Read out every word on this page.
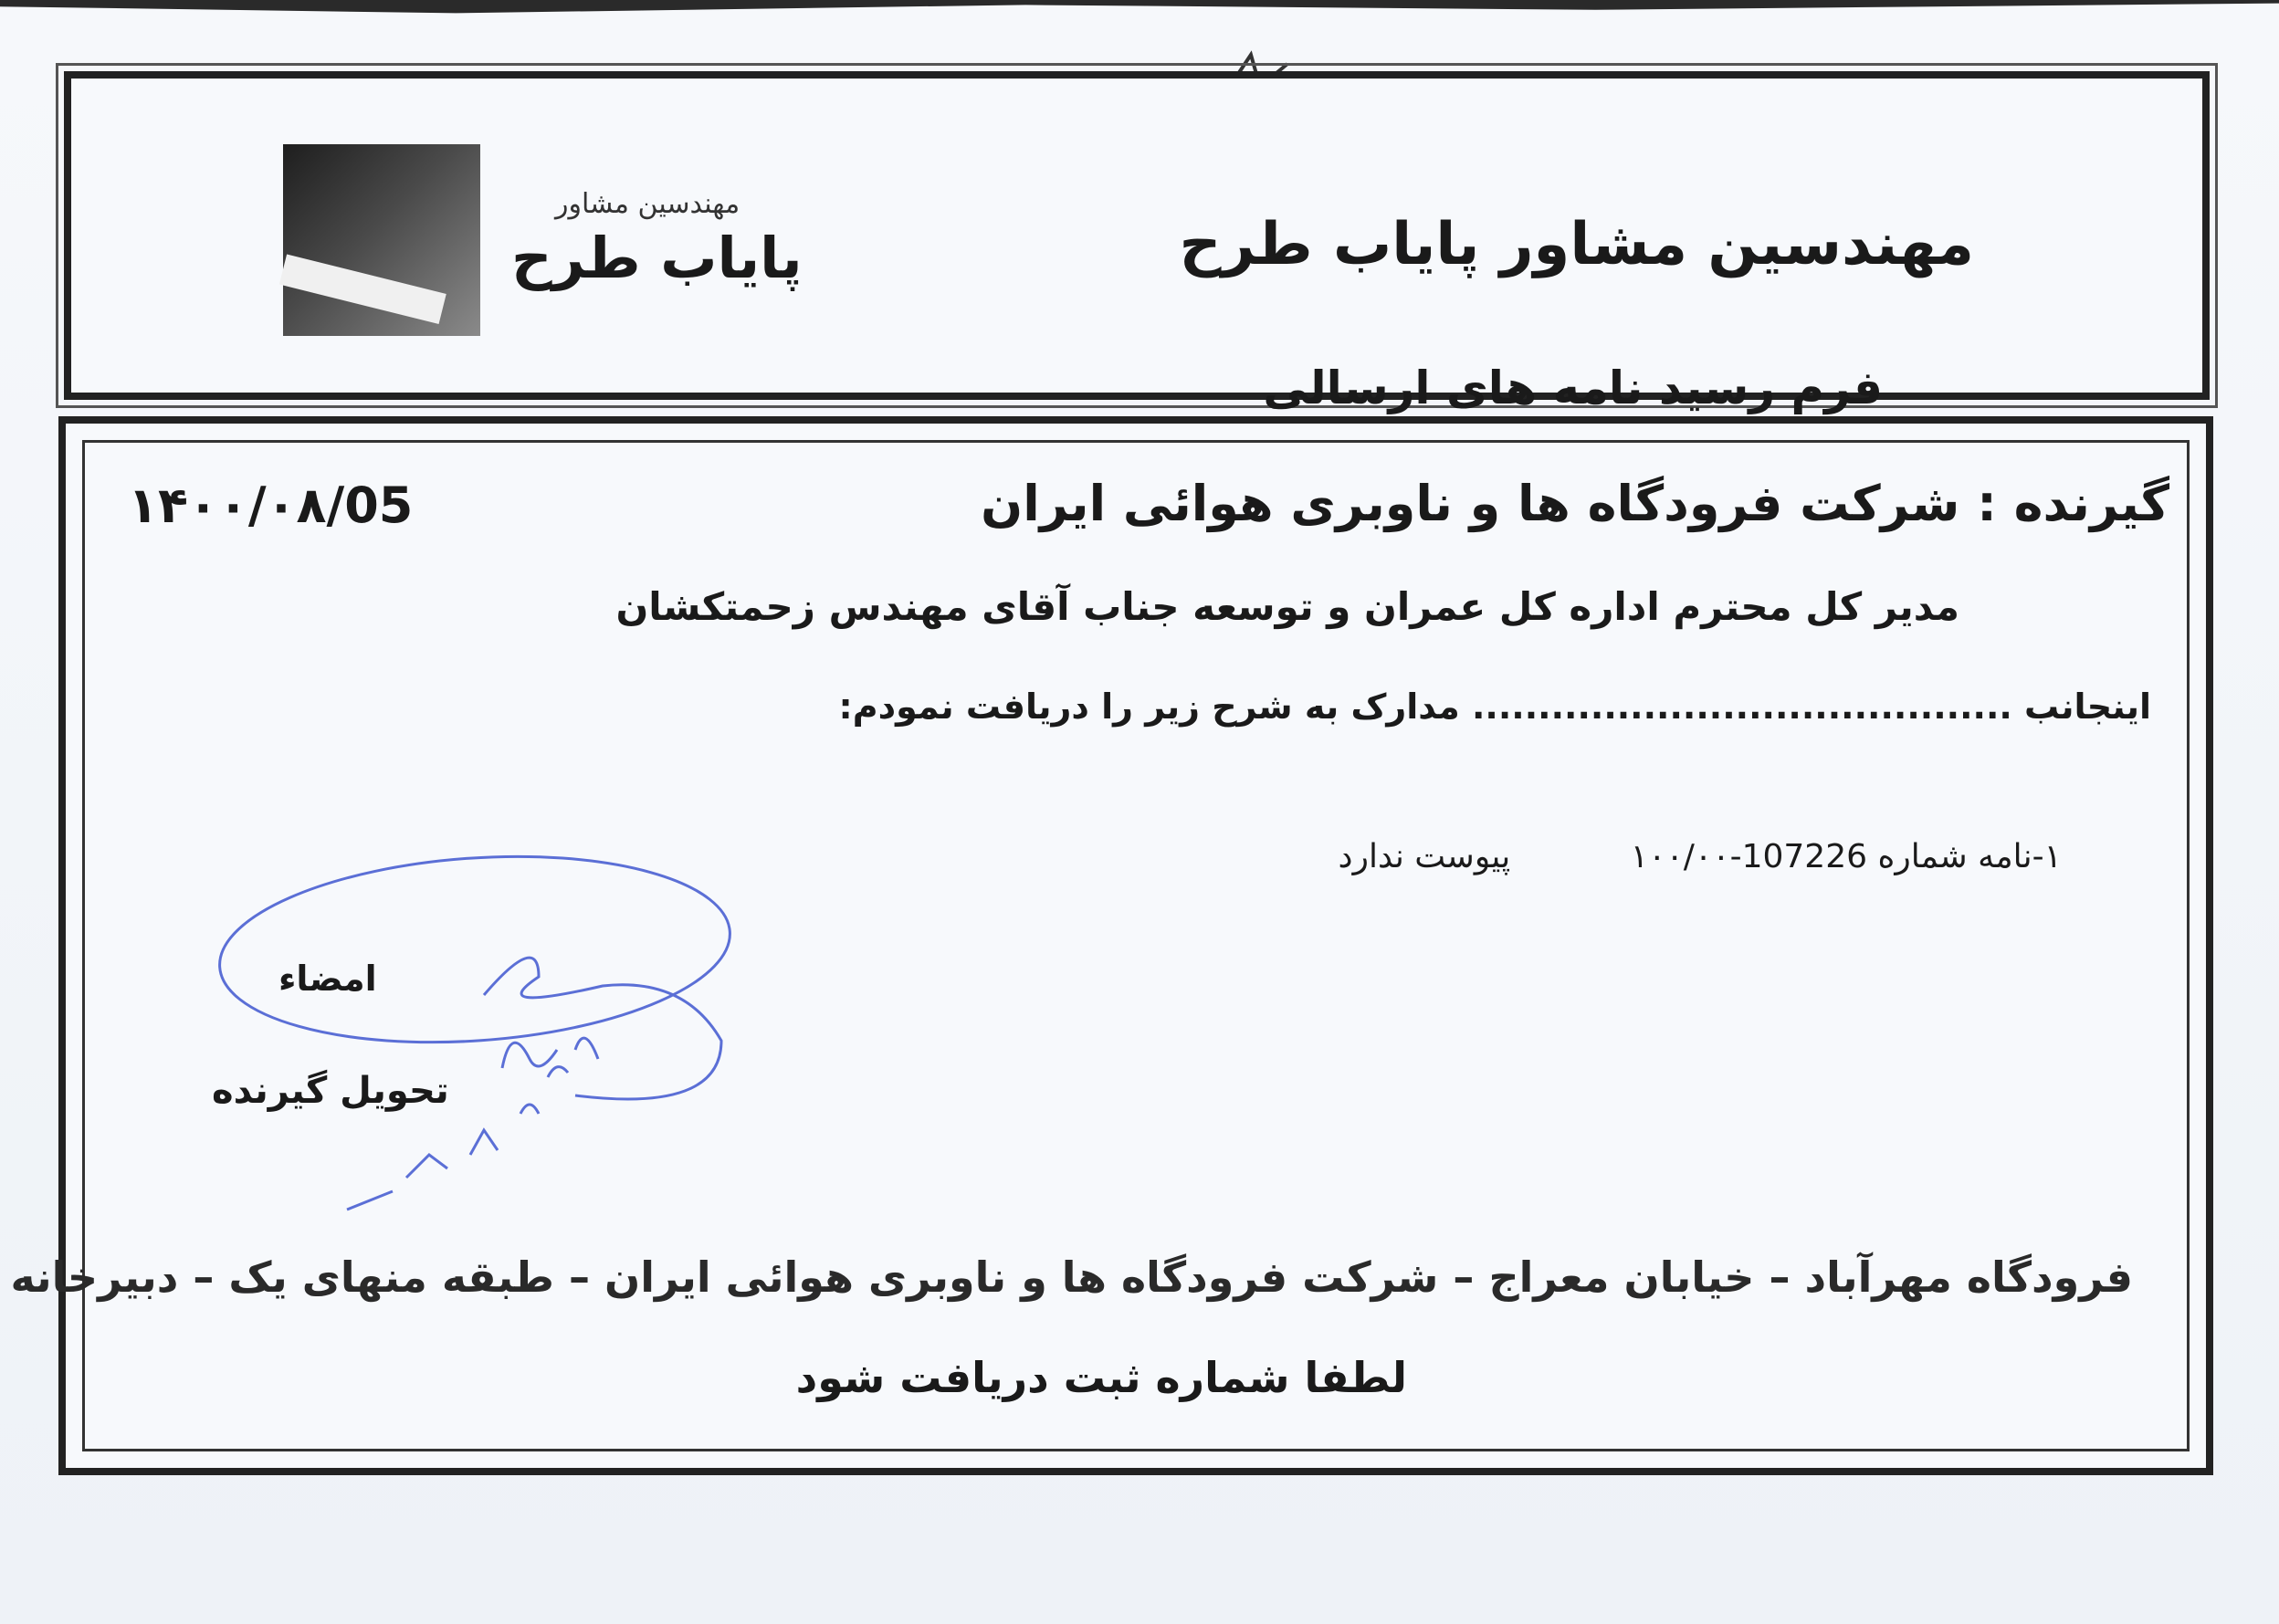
مهندسین مشاور پایاب طرح
فرم رسید نامه های ارسالی
مهندسین مشاور
پایاب طرح
گیرنده : شرکت فرودگاه ها و ناوبری هوائی ایران
۱۴۰۰/۰۸/05
مدیر کل محترم اداره کل عمران و توسعه جناب آقای مهندس زحمتکشان
اینجانب ......................................... مدارک به شرح زیر را دریافت نمودم:
۱-نامه شماره 107226-۱۰۰/۰۰ پیوست ندارد
امضاء
تحویل گیرنده
فرودگاه مهرآباد – خیابان معراج – شرکت فرودگاه ها و ناوبری هوائی ایران – طبقه منهای یک – دبیرخانه
لطفا شماره ثبت دریافت شود
